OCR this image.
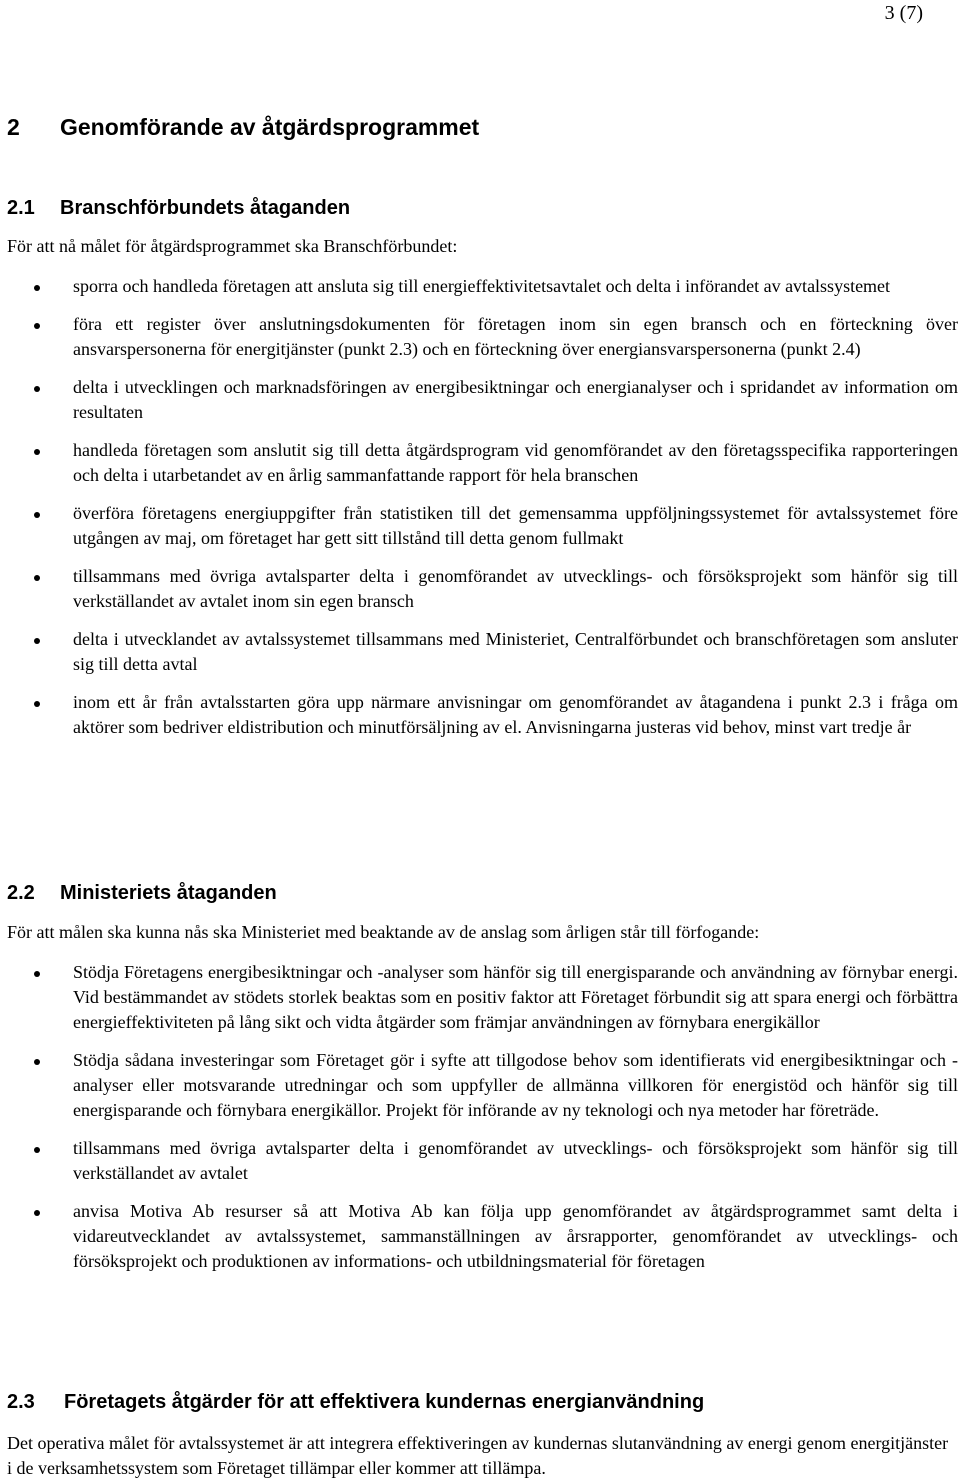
3 (7)
2 Genomförande av åtgärdsprogrammet
2.1 Branschförbundets åtaganden

För att nå målet för åtgärdsprogrammet ska Branschförbundet:

sporra och handleda företagen att ansluta sig till energieffektivitetsavtalet och delta i införandet av avtalssystemet
föra ett register över anslutningsdokumenten för företagen inom sin egen bransch och en förteckning över ansvarspersonerna för energitjänster (punkt 2.3) och en förteckning över energiansvarspersonerna (punkt 2.4)
delta i utvecklingen och marknadsföringen av energibesiktningar och energianalyser och i spridandet av information om resultaten
handleda företagen som anslutit sig till detta åtgärdsprogram vid genomförandet av den företagsspecifika rapporteringen och delta i utarbetandet av en årlig sammanfattande rapport för hela branschen
överföra företagens energiuppgifter från statistiken till det gemensamma uppföljningssystemet för avtalssystemet före utgången av maj, om företaget har gett sitt tillstånd till detta genom fullmakt
tillsammans med övriga avtalsparter delta i genomförandet av utvecklings- och försöksprojekt som hänför sig till verkställandet av avtalet inom sin egen bransch
delta i utvecklandet av avtalssystemet tillsammans med Ministeriet, Centralförbundet och branschföretagen som ansluter sig till detta avtal
inom ett år från avtalsstarten göra upp närmare anvisningar om genomförandet av åtagandena i punkt 2.3 i fråga om aktörer som bedriver eldistribution och minutförsäljning av el. Anvisningarna justeras vid behov, minst vart tredje år
2.2 Ministeriets åtaganden

För att målen ska kunna nås ska Ministeriet med beaktande av de anslag som årligen står till förfogande:

Stödja Företagens energibesiktningar och -analyser som hänför sig till energisparande och användning av förnybar energi. Vid bestämmandet av stödets storlek beaktas som en positiv faktor att Företaget förbundit sig att spara energi och förbättra energieffektiviteten på lång sikt och vidta åtgärder som främjar användningen av förnybara energikällor
Stödja sådana investeringar som Företaget gör i syfte att tillgodose behov som identifierats vid energibesiktningar och -analyser eller motsvarande utredningar och som uppfyller de allmänna villkoren för energistöd och hänför sig till energisparande och förnybara energikällor. Projekt för införande av ny teknologi och nya metoder har företräde.
tillsammans med övriga avtalsparter delta i genomförandet av utvecklings- och försöksprojekt som hänför sig till verkställandet av avtalet
anvisa Motiva Ab resurser så att Motiva Ab kan följa upp genomförandet av åtgärdsprogrammet samt delta i vidareutvecklandet av avtalssystemet, sammanställningen av årsrapporter, genomförandet av utvecklings- och försöksprojekt och produktionen av informations- och utbildningsmaterial för företagen
2.3 Företagets åtgärder för att effektivera kundernas energianvändning

Det operativa målet för avtalssystemet är att integrera effektiveringen av kundernas slutanvändning av energi genom energitjänster i de verksamhetssystem som Företaget tillämpar eller kommer att tillämpa.
